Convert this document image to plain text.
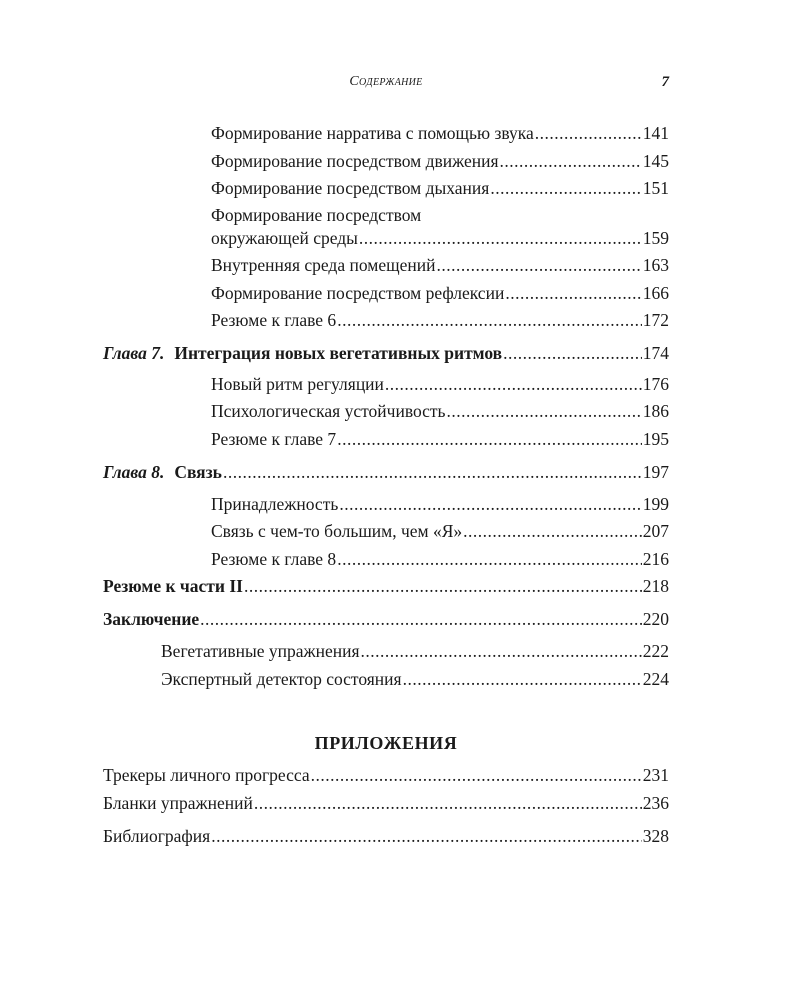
Содержание	7
Формирование нарратива с помощью звука .....	141
Формирование посредством движения .....	145
Формирование посредством дыхания .....	151
Формирование посредством
окружающей среды .....	159
Внутренняя среда помещений .....	163
Формирование посредством рефлексии .....	166
Резюме к главе 6 .....	172
Глава 7. Интеграция новых вегетативных ритмов .....	174
Новый ритм регуляции .....	176
Психологическая устойчивость .....	186
Резюме к главе 7 .....	195
Глава 8. Связь .....	197
Принадлежность .....	199
Связь с чем-то большим, чем «Я» .....	207
Резюме к главе 8 .....	216
Резюме к части II .....	218
Заключение .....	220
Вегетативные упражнения .....	222
Экспертный детектор состояния .....	224
ПРИЛОЖЕНИЯ
Трекеры личного прогресса .....	231
Бланки упражнений .....	236
Библиография .....	328
